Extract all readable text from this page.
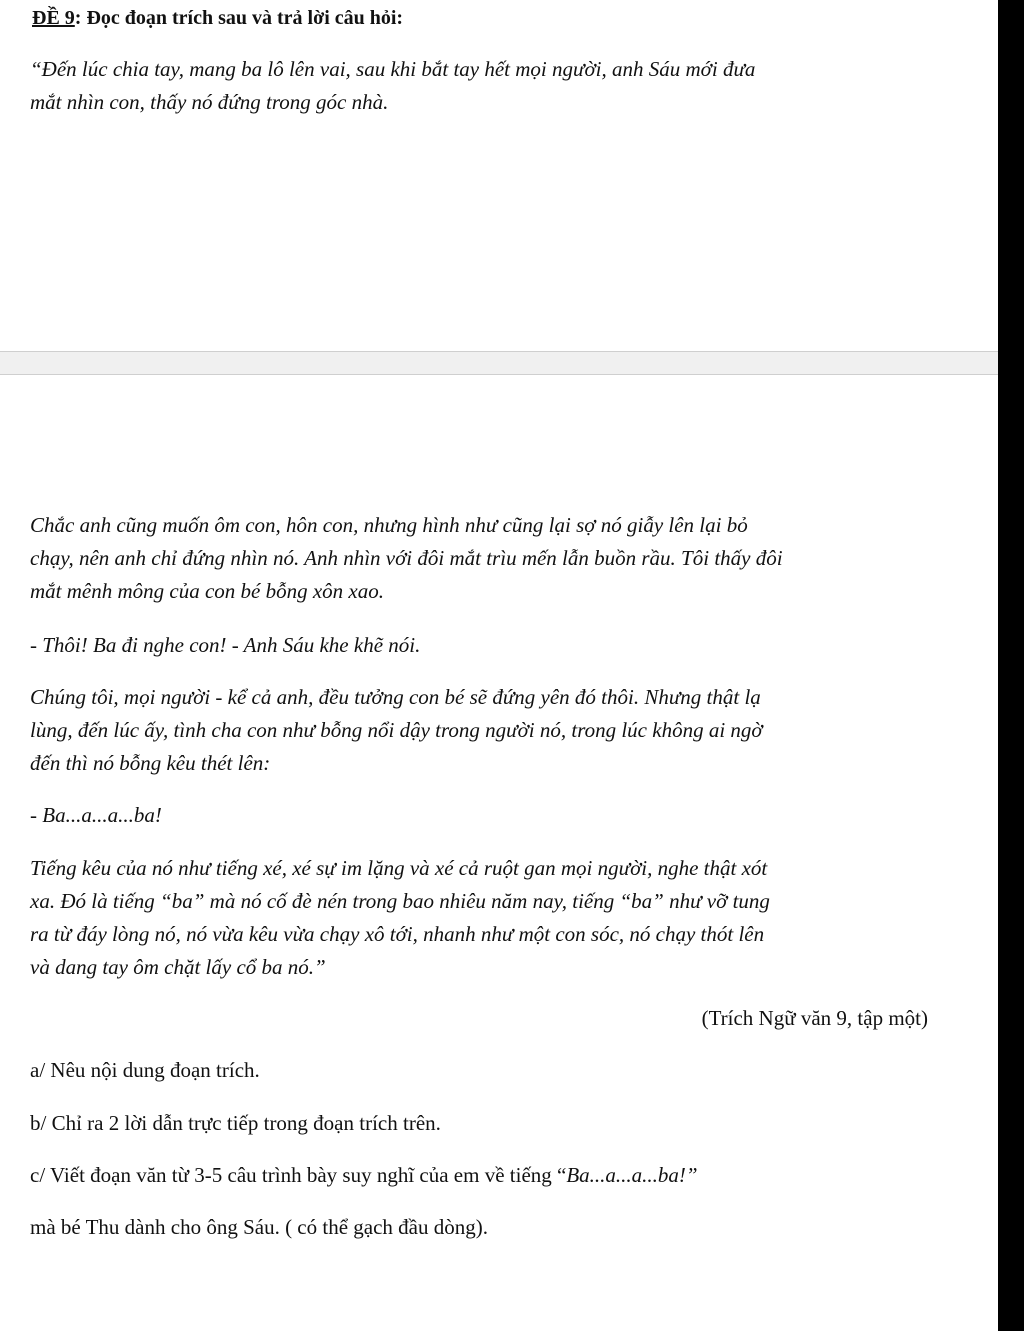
ĐỀ 9: Đọc đoạn trích sau và trả lời câu hỏi:

“Đến lúc chia tay, mang ba lô lên vai, sau khi bắt tay hết mọi người, anh Sáu mới đưa

mắt nhìn con, thấy nó đứng trong góc nhà.

Chắc anh cũng muốn ôm con, hôn con, nhưng hình như cũng lại sợ nó giẫy lên lại bỏ

chạy, nên anh chỉ đứng nhìn nó. Anh nhìn với đôi mắt trìu mến lẫn buồn rầu. Tôi thấy đôi

mắt mênh mông của con bé bỗng xôn xao.

- Thôi! Ba đi nghe con! - Anh Sáu khe khẽ nói.

Chúng tôi, mọi người - kể cả anh, đều tưởng con bé sẽ đứng yên đó thôi. Nhưng thật lạ

lùng, đến lúc ấy, tình cha con như bỗng nổi dậy trong người nó, trong lúc không ai ngờ

đến thì nó bỗng kêu thét lên:

- Ba...a...a...ba!

Tiếng kêu của nó như tiếng xé, xé sự im lặng và xé cả ruột gan mọi người, nghe thật xót

xa. Đó là tiếng “ba” mà nó cố đè nén trong bao nhiêu năm nay, tiếng “ba” như vỡ tung

ra từ đáy lòng nó, nó vừa kêu vừa chạy xô tới, nhanh như một con sóc, nó chạy thót lên

và dang tay ôm chặt lấy cổ ba nó.”

(Trích Ngữ văn 9, tập một)

a/ Nêu nội dung đoạn trích.

b/ Chỉ ra 2 lời dẫn trực tiếp trong đoạn trích trên.

c/ Viết đoạn văn từ 3-5 câu trình bày suy nghĩ của em về tiếng “Ba...a...a...ba!”

mà bé Thu dành cho ông Sáu. ( có thể gạch đầu dòng).
